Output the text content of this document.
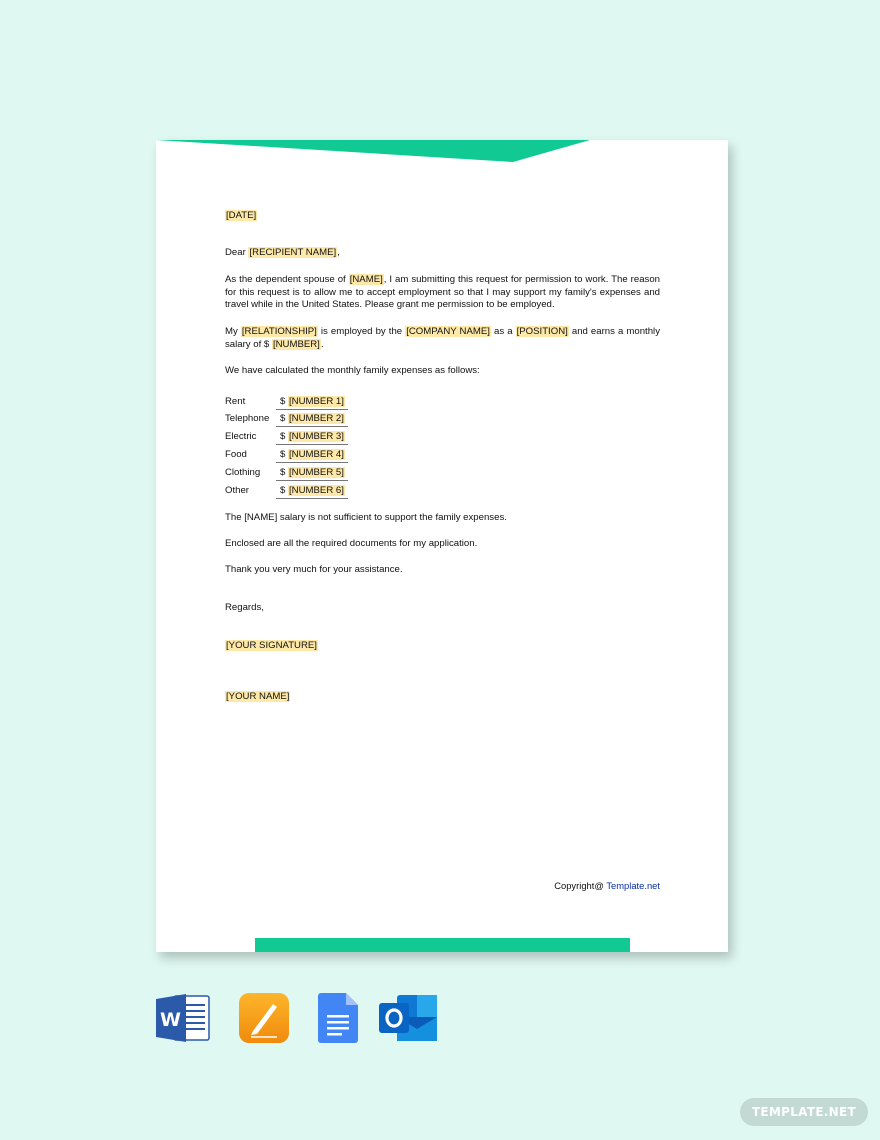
[DATE]
Dear [RECIPIENT NAME],
As the dependent spouse of [NAME], I am submitting this request for permission to work. The reason for this request is to allow me to accept employment so that I may support my family's expenses and travel while in the United States. Please grant me permission to be employed.
My [RELATIONSHIP] is employed by the [COMPANY NAME] as a [POSITION] and earns a monthly salary of $ [NUMBER].
We have calculated the monthly family expenses as follows:
Rent	$ [NUMBER 1]
Telephone	$ [NUMBER 2]
Electric	$ [NUMBER 3]
Food	$ [NUMBER 4]
Clothing	$ [NUMBER 5]
Other	$ [NUMBER 6]
The [NAME] salary is not sufficient to support the family expenses.
Enclosed are all the required documents for my application.
Thank you very much for your assistance.
Regards,
[YOUR SIGNATURE]
[YOUR NAME]
Copyright@ Template.net
W
TEMPLATE.NET
